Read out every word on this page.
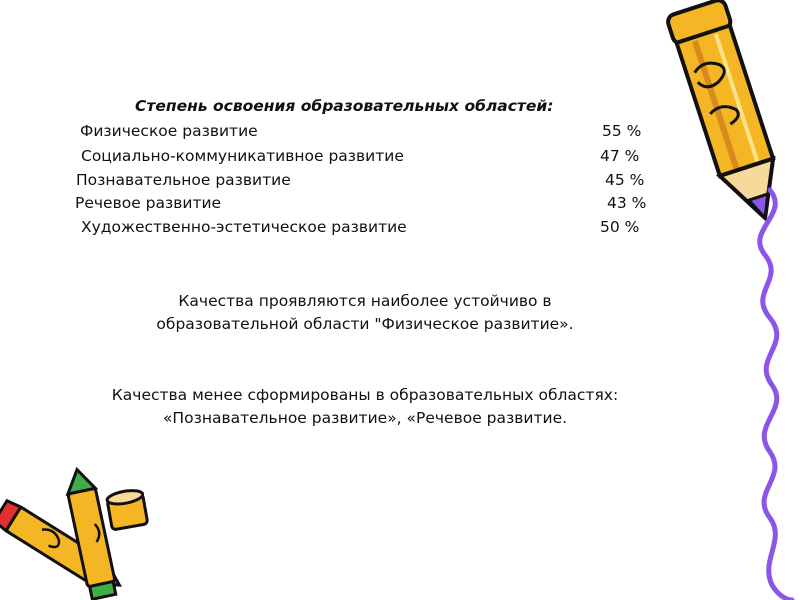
Степень освоения образовательных областей:
Физическое развитие	55 %
Социально-коммуникативное развитие	47 %
Познавательное развитие	45 %
Речевое развитие	43 %
Художественно-эстетическое развитие	50 %
Качества проявляются наиболее устойчиво в
образовательной области "Физическое развитие».
Качества менее сформированы в образовательных областях:
«Познавательное развитие», «Речевое развитие.
